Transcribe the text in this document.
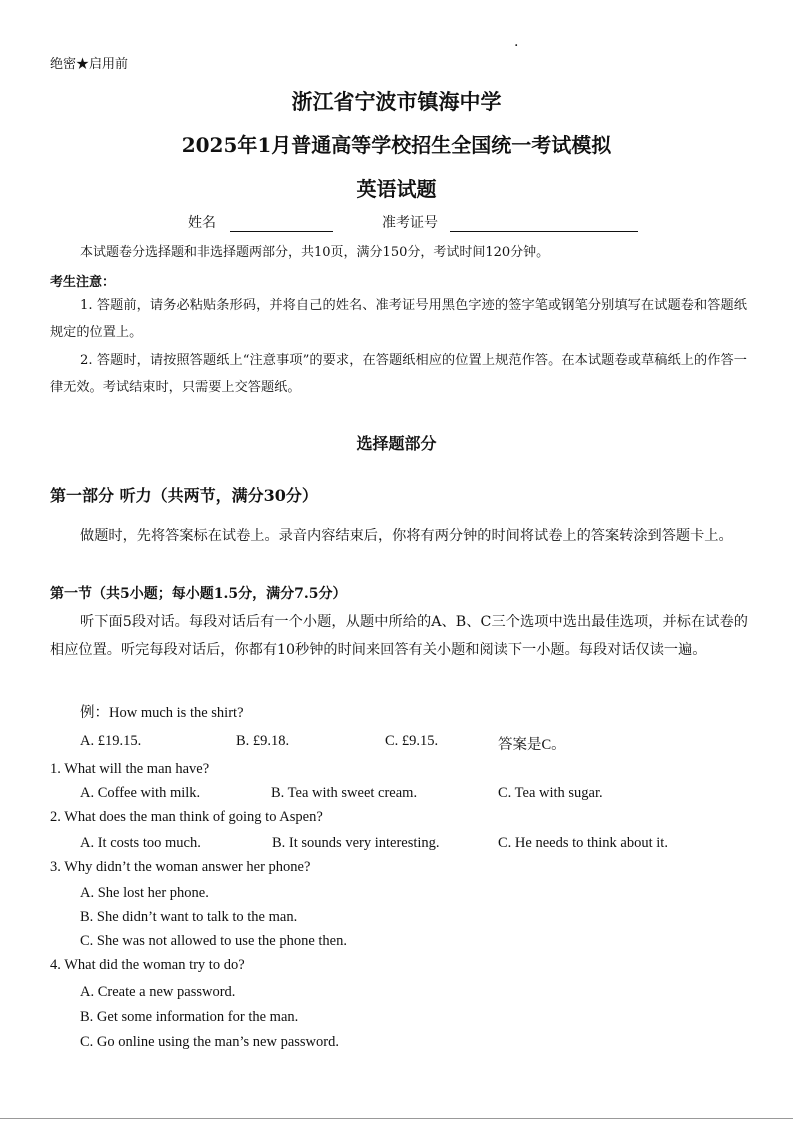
绝密★启用前
·
浙江省宁波市镇海中学
2025年1月普通高等学校招生全国统一考试模拟
英语试题
姓名	准考证号
本试题卷分选择题和非选择题两部分，共10页，满分150分，考试时间120分钟。
考生注意：
1. 答题前，请务必粘贴条形码，并将自己的姓名、准考证号用黑色字迹的签字笔或钢笔分别填写在试题卷和答题纸规定的位置上。
2. 答题时，请按照答题纸上“注意事项”的要求，在答题纸相应的位置上规范作答。在本试题卷或草稿纸上的作答一律无效。考试结束时，只需要上交答题纸。
选择题部分
第一部分 听力（共两节，满分30分）
做题时，先将答案标在试卷上。录音内容结束后，你将有两分钟的时间将试卷上的答案转涂到答题卡上。
第一节（共5小题；每小题1.5分，满分7.5分）
听下面5段对话。每段对话后有一个小题，从题中所给的A、B、C三个选项中选出最佳选项，并标在试卷的相应位置。听完每段对话后，你都有10秒钟的时间来回答有关小题和阅读下一小题。每段对话仅读一遍。
例：How much is the shirt?
A. £19.15.	B. £9.18.	C. £9.15.	答案是C。
1. What will the man have?
A. Coffee with milk.	B. Tea with sweet cream.	C. Tea with sugar.
2. What does the man think of going to Aspen?
A. It costs too much.	B. It sounds very interesting.	C. He needs to think about it.
3. Why didn’t the woman answer her phone?
A. She lost her phone.
B. She didn’t want to talk to the man.
C. She was not allowed to use the phone then.
4. What did the woman try to do?
A. Create a new password.
B. Get some information for the man.
C. Go online using the man’s new password.
